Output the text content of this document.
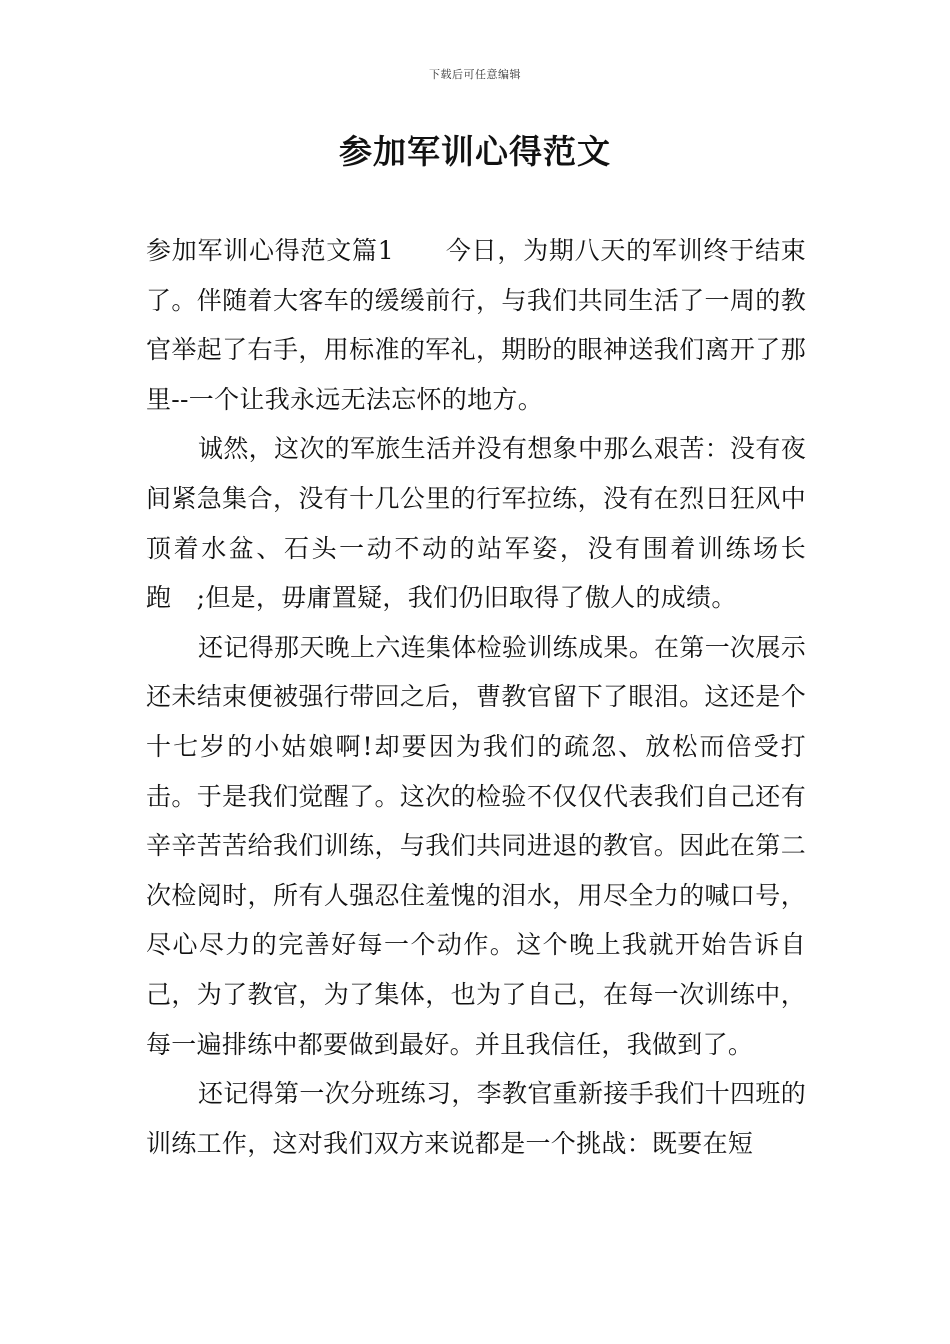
下载后可任意编辑
参加军训心得范文

参加军训心得范文篇1　　今日，为期八天的军训终于结束了。伴随着大客车的缓缓前行，与我们共同生活了一周的教官举起了右手，用标准的军礼，期盼的眼神送我们离开了那里--一个让我永远无法忘怀的地方。

诚然，这次的军旅生活并没有想象中那么艰苦：没有夜间紧急集合，没有十几公里的行军拉练，没有在烈日狂风中顶着水盆、石头一动不动的站军姿，没有围着训练场长跑　;但是，毋庸置疑，我们仍旧取得了傲人的成绩。

还记得那天晚上六连集体检验训练成果。在第一次展示还未结束便被强行带回之后，曹教官留下了眼泪。这还是个十七岁的小姑娘啊!却要因为我们的疏忽、放松而倍受打击。于是我们觉醒了。这次的检验不仅仅代表我们自己还有辛辛苦苦给我们训练，与我们共同进退的教官。因此在第二次检阅时，所有人强忍住羞愧的泪水，用尽全力的喊口号，尽心尽力的完善好每一个动作。这个晚上我就开始告诉自己，为了教官，为了集体，也为了自己，在每一次训练中，每一遍排练中都要做到最好。并且我信任，我做到了。

还记得第一次分班练习，李教官重新接手我们十四班的训练工作，这对我们双方来说都是一个挑战：既要在短
